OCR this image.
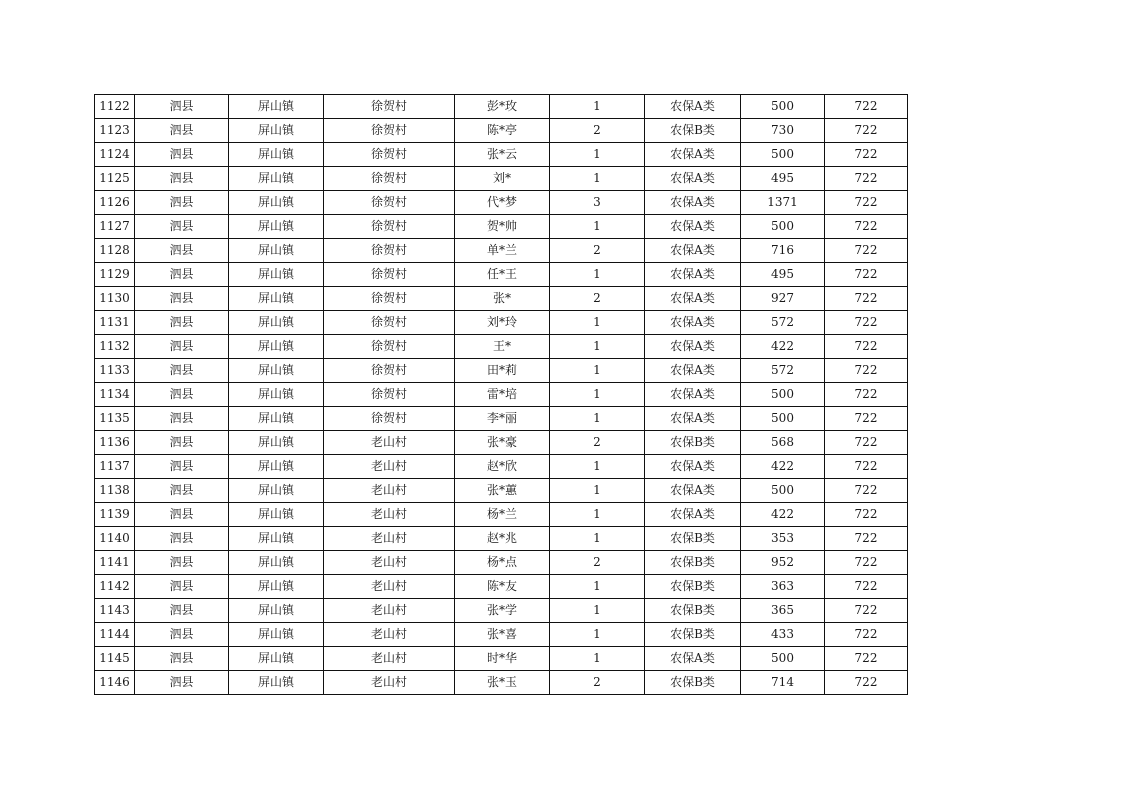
1122	泗县	屏山镇	徐贺村	彭*玫	1	农保A类	500	722
1123	泗县	屏山镇	徐贺村	陈*亭	2	农保B类	730	722
1124	泗县	屏山镇	徐贺村	张*云	1	农保A类	500	722
1125	泗县	屏山镇	徐贺村	刘*	1	农保A类	495	722
1126	泗县	屏山镇	徐贺村	代*梦	3	农保A类	1371	722
1127	泗县	屏山镇	徐贺村	贺*帅	1	农保A类	500	722
1128	泗县	屏山镇	徐贺村	单*兰	2	农保A类	716	722
1129	泗县	屏山镇	徐贺村	任*王	1	农保A类	495	722
1130	泗县	屏山镇	徐贺村	张*	2	农保A类	927	722
1131	泗县	屏山镇	徐贺村	刘*玲	1	农保A类	572	722
1132	泗县	屏山镇	徐贺村	王*	1	农保A类	422	722
1133	泗县	屏山镇	徐贺村	田*莉	1	农保A类	572	722
1134	泗县	屏山镇	徐贺村	雷*培	1	农保A类	500	722
1135	泗县	屏山镇	徐贺村	李*丽	1	农保A类	500	722
1136	泗县	屏山镇	老山村	张*豪	2	农保B类	568	722
1137	泗县	屏山镇	老山村	赵*欣	1	农保A类	422	722
1138	泗县	屏山镇	老山村	张*蕙	1	农保A类	500	722
1139	泗县	屏山镇	老山村	杨*兰	1	农保A类	422	722
1140	泗县	屏山镇	老山村	赵*兆	1	农保B类	353	722
1141	泗县	屏山镇	老山村	杨*点	2	农保B类	952	722
1142	泗县	屏山镇	老山村	陈*友	1	农保B类	363	722
1143	泗县	屏山镇	老山村	张*学	1	农保B类	365	722
1144	泗县	屏山镇	老山村	张*喜	1	农保B类	433	722
1145	泗县	屏山镇	老山村	时*华	1	农保A类	500	722
1146	泗县	屏山镇	老山村	张*玉	2	农保B类	714	722
